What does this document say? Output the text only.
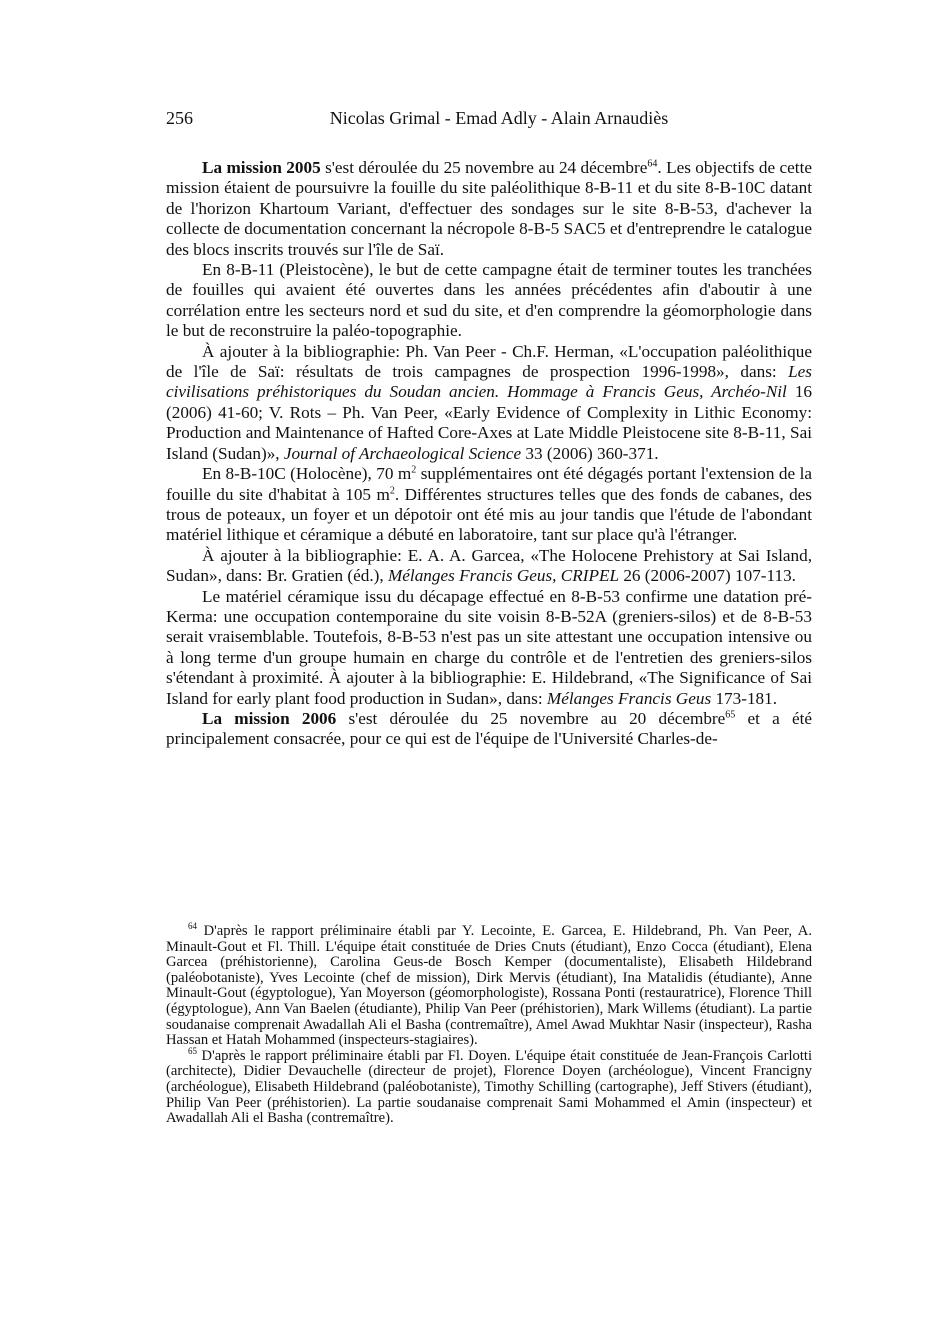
256	Nicolas Grimal - Emad Adly - Alain Arnaudiès

La mission 2005 s'est déroulée du 25 novembre au 24 décembre$^{64}$. Les objectifs de cette mission étaient de poursuivre la fouille du site paléolithique 8-B-11 et du site 8-B-10C datant de l'horizon Khartoum Variant, d'effectuer des sondages sur le site 8-B-53, d'achever la collecte de documentation concernant la nécropole 8-B-5 SAC5 et d'entreprendre le catalogue des blocs inscrits trouvés sur l'île de Saï.

En 8-B-11 (Pleistocène), le but de cette campagne était de terminer toutes les tranchées de fouilles qui avaient été ouvertes dans les années précédentes afin d'aboutir à une corrélation entre les secteurs nord et sud du site, et d'en comprendre la géomorphologie dans le but de reconstruire la paléo-topographie.

À ajouter à la bibliographie: Ph. Van Peer - Ch.F. Herman, «L'occupation paléolithique de l'île de Saï: résultats de trois campagnes de prospection 1996-1998», dans: Les civilisations préhistoriques du Soudan ancien. Hommage à Francis Geus, Archéo-Nil 16 (2006) 41-60; V. Rots – Ph. Van Peer, «Early Evidence of Complexity in Lithic Economy: Production and Maintenance of Hafted Core-Axes at Late Middle Pleistocene site 8-B-11, Sai Island (Sudan)», Journal of Archaeological Science 33 (2006) 360-371.

En 8-B-10C (Holocène), 70 $m^2$ supplémentaires ont été dégagés portant l'extension de la fouille du site d'habitat à 105 $m^2$. Différentes structures telles que des fonds de cabanes, des trous de poteaux, un foyer et un dépotoir ont été mis au jour tandis que l'étude de l'abondant matériel lithique et céramique a débuté en laboratoire, tant sur place qu'à l'étranger.

À ajouter à la bibliographie: E. A. A. Garcea, «The Holocene Prehistory at Sai Island, Sudan», dans: Br. Gratien (éd.), Mélanges Francis Geus, CRIPEL 26 (2006-2007) 107-113.

Le matériel céramique issu du décapage effectué en 8-B-53 confirme une datation pré-Kerma: une occupation contemporaine du site voisin 8-B-52A (greniers-silos) et de 8-B-53 serait vraisemblable. Toutefois, 8-B-53 n'est pas un site attestant une occupation intensive ou à long terme d'un groupe humain en charge du contrôle et de l'entretien des greniers-silos s'étendant à proximité. À ajouter à la bibliographie: E. Hildebrand, «The Significance of Sai Island for early plant food production in Sudan», dans: Mélanges Francis Geus 173-181.

La mission 2006 s'est déroulée du 25 novembre au 20 décembre$^{65}$ et a été principalement consacrée, pour ce qui est de l'équipe de l'Université Charles-de-

$^{64}$ D'après le rapport préliminaire établi par Y. Lecointe, E. Garcea, E. Hildebrand, Ph. Van Peer, A. Minault-Gout et Fl. Thill. L'équipe était constituée de Dries Cnuts (étudiant), Enzo Cocca (étudiant), Elena Garcea (préhistorienne), Carolina Geus-de Bosch Kemper (documentaliste), Elisabeth Hildebrand (paléobotaniste), Yves Lecointe (chef de mission), Dirk Mervis (étudiant), Ina Matalidis (étudiante), Anne Minault-Gout (égyptologue), Yan Moyerson (géomorphologiste), Rossana Ponti (restauratrice), Florence Thill (égyptologue), Ann Van Baelen (étudiante), Philip Van Peer (préhistorien), Mark Willems (étudiant). La partie soudanaise comprenait Awadallah Ali el Basha (contremaître), Amel Awad Mukhtar Nasir (inspecteur), Rasha Hassan et Hatah Mohammed (inspecteurs-stagiaires).

$^{65}$ D'après le rapport préliminaire établi par Fl. Doyen. L'équipe était constituée de Jean-François Carlotti (architecte), Didier Devauchelle (directeur de projet), Florence Doyen (archéologue), Vincent Francigny (archéologue), Elisabeth Hildebrand (paléobotaniste), Timothy Schilling (cartographe), Jeff Stivers (étudiant), Philip Van Peer (préhistorien). La partie soudanaise comprenait Sami Mohammed el Amin (inspecteur) et Awadallah Ali el Basha (contremaître).
